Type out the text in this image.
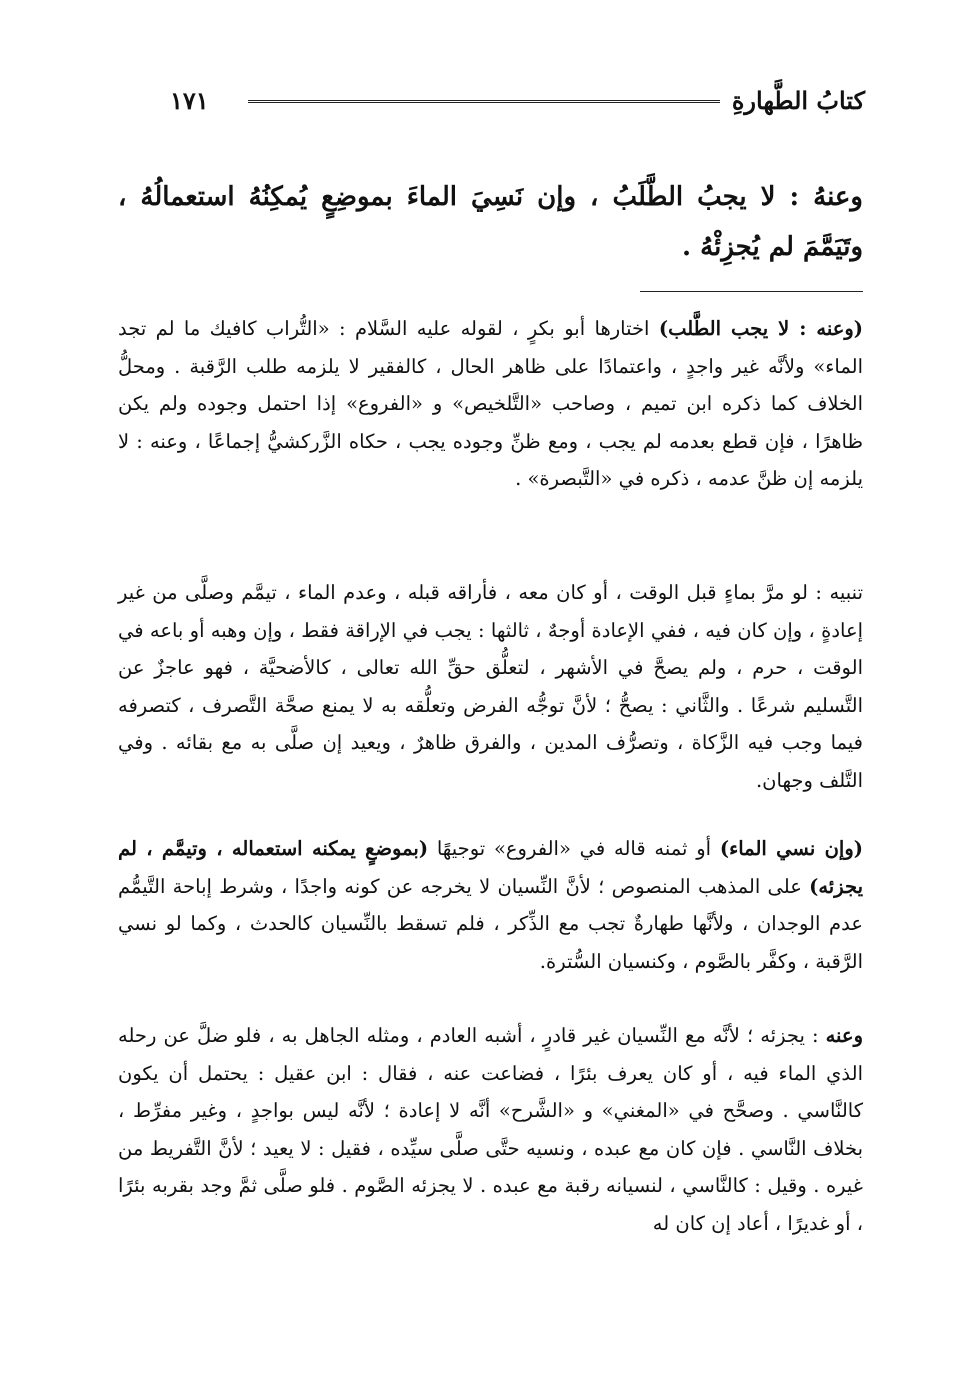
كتابُ الطَّهارةِ
١٧١
وعنهُ : لا يجبُ الطَّلَبُ ، وإن نَسِيَ الماءَ بموضِعٍ يُمكِنُهُ استعمالُهُ ، وتَيَمَّمَ لم يُجزِئْهُ .

(وعنه : لا يجب الطَّلب) اختارها أبو بكرٍ ، لقوله عليه السَّلام : «التُّراب كافيك ما لم تجد الماء» ولأنَّه غير واجدٍ ، واعتمادًا على ظاهر الحال ، كالفقير لا يلزمه طلب الرَّقبة . ومحلُّ الخلاف كما ذكره ابن تميم ، وصاحب «التَّلخيص» و «الفروع» إذا احتمل وجوده ولم يكن ظاهرًا ، فإن قطع بعدمه لم يجب ، ومع ظنِّ وجوده يجب ، حكاه الزَّركشيُّ إجماعًا ، وعنه : لا يلزمه إن ظنَّ عدمه ، ذكره في «التَّبصرة» .

تنبيه : لو مرَّ بماءٍ قبل الوقت ، أو كان معه ، فأراقه قبله ، وعدم الماء ، تيمَّم وصلَّى من غير إعادةٍ ، وإن كان فيه ، ففي الإعادة أوجهٌ ، ثالثها : يجب في الإراقة فقط ، وإن وهبه أو باعه في الوقت ، حرم ، ولم يصحَّ في الأشهر ، لتعلُّق حقِّ الله تعالى ، كالأضحيَّة ، فهو عاجزٌ عن التَّسليم شرعًا . والثَّاني : يصحُّ ؛ لأنَّ توجُّه الفرض وتعلُّقه به لا يمنع صحَّة التَّصرف ، كتصرفه فيما وجب فيه الزَّكاة ، وتصرُّف المدين ، والفرق ظاهرٌ ، ويعيد إن صلَّى به مع بقائه . وفي التَّلف وجهان.

(وإن نسي الماء) أو ثمنه قاله في «الفروع» توجيهًا (بموضعٍ يمكنه استعماله ، وتيمَّم ، لم يجزئه) على المذهب المنصوص ؛ لأنَّ النِّسيان لا يخرجه عن كونه واجدًا ، وشرط إباحة التَّيمُّم عدم الوجدان ، ولأنَّها طهارةٌ تجب مع الذِّكر ، فلم تسقط بالنِّسيان كالحدث ، وكما لو نسي الرَّقبة ، وكفَّر بالصَّوم ، وكنسيان السُّترة.

وعنه : يجزئه ؛ لأنَّه مع النِّسيان غير قادرٍ ، أشبه العادم ، ومثله الجاهل به ، فلو ضلَّ عن رحله الذي الماء فيه ، أو كان يعرف بئرًا ، فضاعت عنه ، فقال : ابن عقيل : يحتمل أن يكون كالنَّاسي . وصحَّح في «المغني» و «الشَّرح» أنَّه لا إعادة ؛ لأنَّه ليس بواجدٍ ، وغير مفرِّط ، بخلاف النَّاسي . فإن كان مع عبده ، ونسيه حتَّى صلَّى سيِّده ، فقيل : لا يعيد ؛ لأنَّ التَّفريط من غيره . وقيل : كالنَّاسي ، لنسيانه رقبة مع عبده . لا يجزئه الصَّوم . فلو صلَّى ثمَّ وجد بقربه بئرًا ، أو غديرًا ، أعاد إن كان له
